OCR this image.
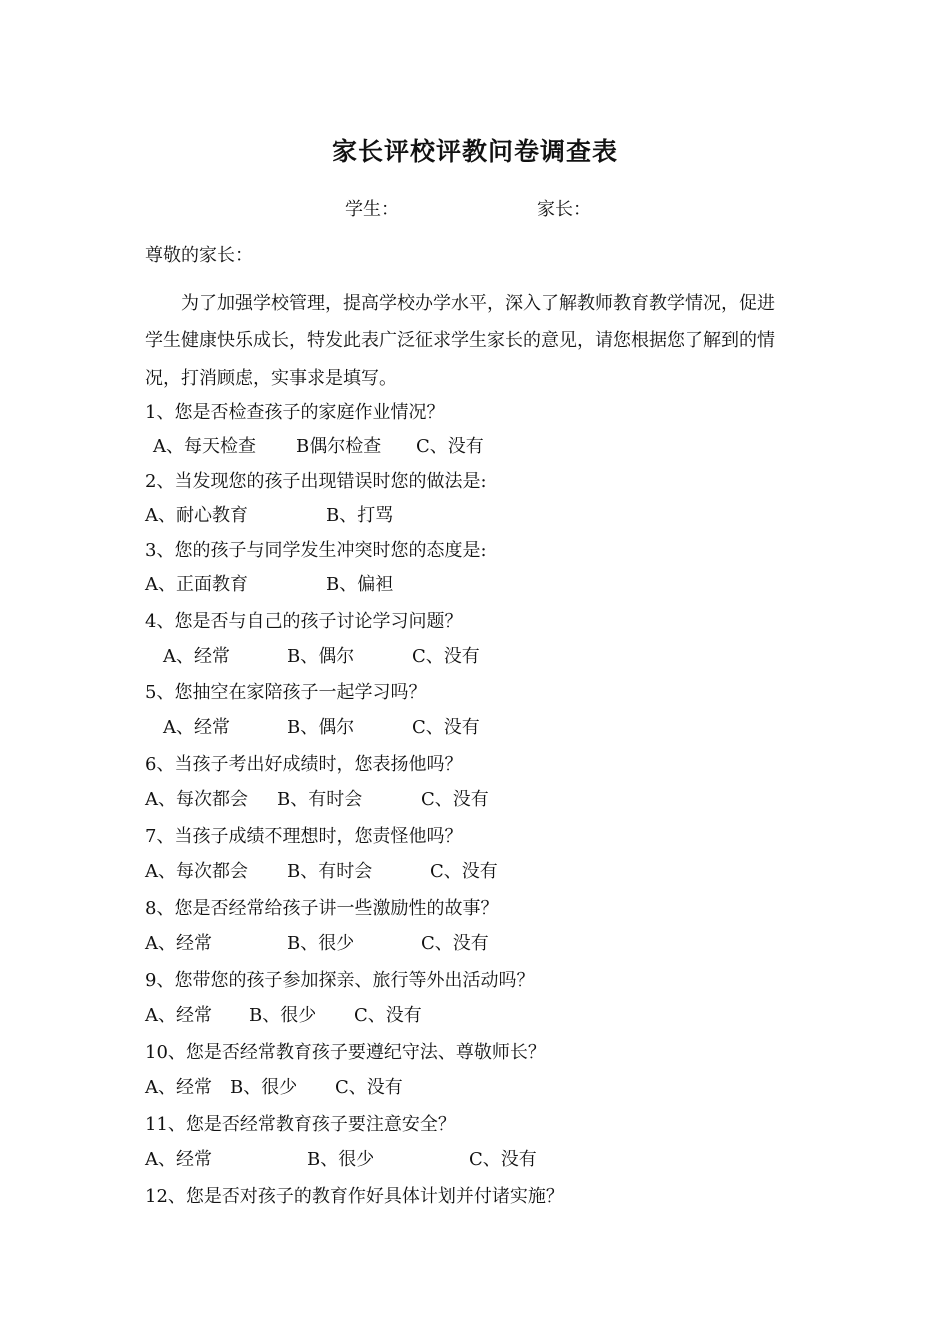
家长评校评教问卷调查表
学生：	家长：
尊敬的家长：
为了加强学校管理，提高学校办学水平，深入了解教师教育教学情况，促进
学生健康快乐成长，特发此表广泛征求学生家长的意见，请您根据您了解到的情
况，打消顾虑，实事求是填写。
1、您是否检查孩子的家庭作业情况？
A、每天检查 B偶尔检查 C、没有
2、当发现您的孩子出现错误时您的做法是:
A、耐心教育	B、打骂
3、您的孩子与同学发生冲突时您的态度是:
A、正面教育	B、偏袒
4、您是否与自己的孩子讨论学习问题？
A、经常	B、偶尔	C、没有
5、您抽空在家陪孩子一起学习吗？
A、经常	B、偶尔	C、没有
6、当孩子考出好成绩时，您表扬他吗？
A、每次都会 B、有时会	C、没有
7、当孩子成绩不理想时，您责怪他吗？
A、每次都会 B、有时会	C、没有
8、您是否经常给孩子讲一些激励性的故事？
A、经常	B、很少	C、没有
9、您带您的孩子参加探亲、旅行等外出活动吗？
A、经常 B、很少 C、没有
10、您是否经常教育孩子要遵纪守法、尊敬师长？
A、经常 B、很少 C、没有
11、您是否经常教育孩子要注意安全？
A、经常	B、很少	C、没有
12、您是否对孩子的教育作好具体计划并付诸实施？
